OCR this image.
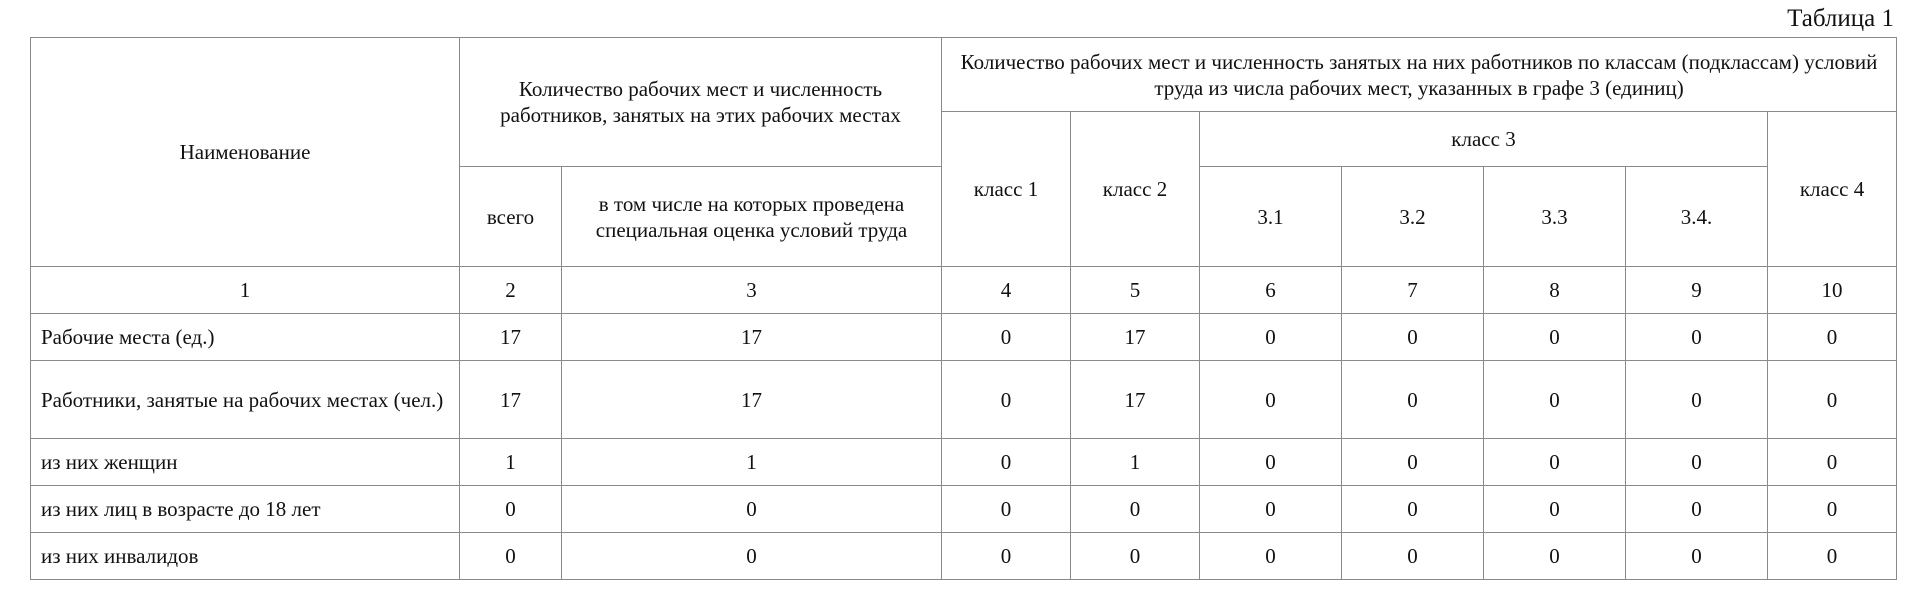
Таблица 1
Наименование	Количество рабочих мест и численность работников, занятых на этих рабочих местах		Количество рабочих мест и численность занятых на них работников по классам (подклассам) условий труда из числа рабочих мест, указанных в графе 3 (единиц)						
			класс 1	класс 2	класс 3				класс 4
	всего	в том числе на которых проведена специальная оценка условий труда			3.1	3.2	3.3	3.4.	
1	2	3	4	5	6	7	8	9	10
Рабочие места (ед.)	17	17	0	17	0	0	0	0	0
Работники, занятые на рабочих местах (чел.)	17	17	0	17	0	0	0	0	0
из них женщин	1	1	0	1	0	0	0	0	0
из них лиц в возрасте до 18 лет	0	0	0	0	0	0	0	0	0
из них инвалидов	0	0	0	0	0	0	0	0	0
